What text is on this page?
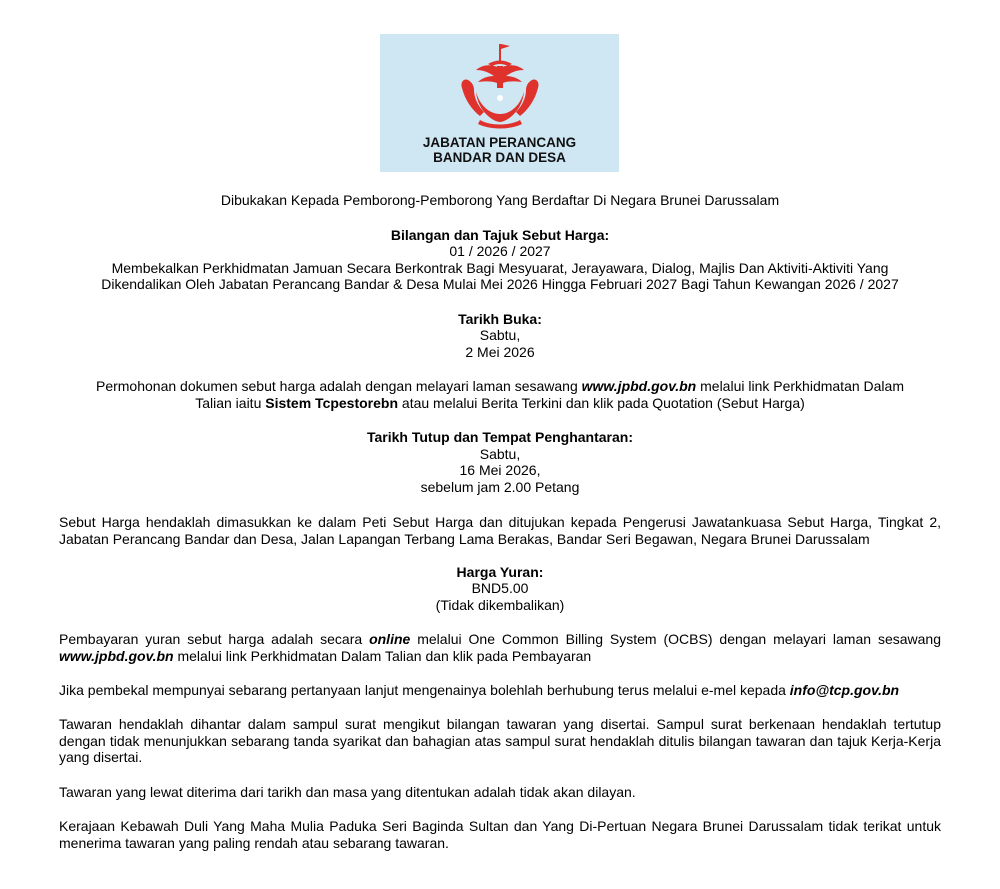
JABATAN PERANCANG
BANDAR DAN DESA
Dibukakan Kepada Pemborong-Pemborong Yang Berdaftar Di Negara Brunei Darussalam
Bilangan dan Tajuk Sebut Harga:
01 / 2026 / 2027
Membekalkan Perkhidmatan Jamuan Secara Berkontrak Bagi Mesyuarat, Jerayawara, Dialog, Majlis Dan Aktiviti-Aktiviti Yang
Dikendalikan Oleh Jabatan Perancang Bandar & Desa Mulai Mei 2026 Hingga Februari 2027 Bagi Tahun Kewangan 2026 / 2027
Tarikh Buka:
Sabtu,
2 Mei 2026
Permohonan dokumen sebut harga adalah dengan melayari laman sesawang www.jpbd.gov.bn melalui link Perkhidmatan Dalam
Talian iaitu Sistem Tcpestorebn atau melalui Berita Terkini dan klik pada Quotation (Sebut Harga)
Tarikh Tutup dan Tempat Penghantaran:
Sabtu,
16 Mei 2026,
sebelum jam 2.00 Petang
Sebut Harga hendaklah dimasukkan ke dalam Peti Sebut Harga dan ditujukan kepada Pengerusi Jawatankuasa Sebut Harga, Tingkat 2, Jabatan Perancang Bandar dan Desa, Jalan Lapangan Terbang Lama Berakas, Bandar Seri Begawan, Negara Brunei Darussalam
Harga Yuran:
BND5.00
(Tidak dikembalikan)
Pembayaran yuran sebut harga adalah secara online melalui One Common Billing System (OCBS) dengan melayari laman sesawang www.jpbd.gov.bn melalui link Perkhidmatan Dalam Talian dan klik pada Pembayaran
Jika pembekal mempunyai sebarang pertanyaan lanjut mengenainya bolehlah berhubung terus melalui e-mel kepada info@tcp.gov.bn
Tawaran hendaklah dihantar dalam sampul surat mengikut bilangan tawaran yang disertai. Sampul surat berkenaan hendaklah tertutup dengan tidak menunjukkan sebarang tanda syarikat dan bahagian atas sampul surat hendaklah ditulis bilangan tawaran dan tajuk Kerja-Kerja yang disertai.
Tawaran yang lewat diterima dari tarikh dan masa yang ditentukan adalah tidak akan dilayan.
Kerajaan Kebawah Duli Yang Maha Mulia Paduka Seri Baginda Sultan dan Yang Di-Pertuan Negara Brunei Darussalam tidak terikat untuk menerima tawaran yang paling rendah atau sebarang tawaran.
